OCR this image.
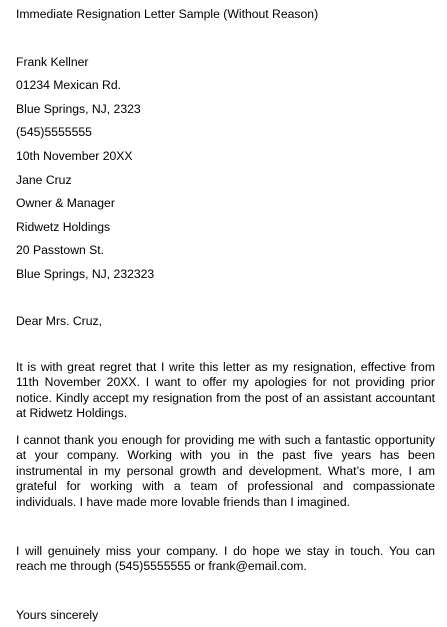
Immediate Resignation Letter Sample (Without Reason)
Frank Kellner
01234 Mexican Rd.
Blue Springs, NJ, 2323
(545)5555555
10th November 20XX
Jane Cruz
Owner & Manager
Ridwetz Holdings
20 Passtown St.
Blue Springs, NJ, 232323
Dear Mrs. Cruz,

It is with great regret that I write this letter as my resignation, effective from 11th November 20XX. I want to offer my apologies for not providing prior notice. Kindly accept my resignation from the post of an assistant accountant at Ridwetz Holdings.

I cannot thank you enough for providing me with such a fantastic opportunity at your company. Working with you in the past five years has been instrumental in my personal growth and development. What’s more, I am grateful for working with a team of professional and compassionate individuals. I have made more lovable friends than I imagined.

I will genuinely miss your company. I do hope we stay in touch. You can reach me through (545)5555555 or frank@email.com.

Yours sincerely
